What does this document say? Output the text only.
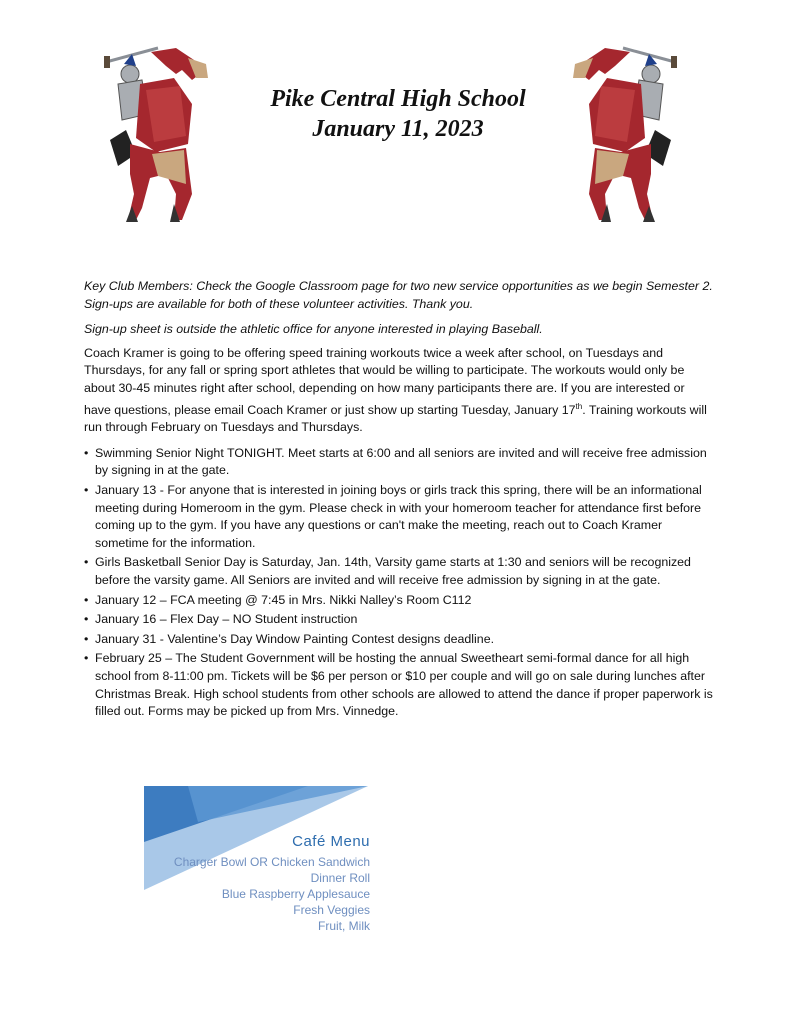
Pike Central High School
January 11, 2023

Key Club Members: Check the Google Classroom page for two new service opportunities as we begin Semester 2. Sign-ups are available for both of these volunteer activities. Thank you.

Sign-up sheet is outside the athletic office for anyone interested in playing Baseball.

Coach Kramer is going to be offering speed training workouts twice a week after school, on Tuesdays and Thursdays, for any fall or spring sport athletes that would be willing to participate. The workouts would only be about 30-45 minutes right after school, depending on how many participants there are. If you are interested or have questions, please email Coach Kramer or just show up starting Tuesday, January 17th. Training workouts will run through February on Tuesdays and Thursdays.

• Swimming Senior Night TONIGHT. Meet starts at 6:00 and all seniors are invited and will receive free admission by signing in at the gate.
• January 13 - For anyone that is interested in joining boys or girls track this spring, there will be an informational meeting during Homeroom in the gym. Please check in with your homeroom teacher for attendance first before coming up to the gym. If you have any questions or can't make the meeting, reach out to Coach Kramer sometime for the information.
• Girls Basketball Senior Day is Saturday, Jan. 14th, Varsity game starts at 1:30 and seniors will be recognized before the varsity game. All Seniors are invited and will receive free admission by signing in at the gate.
• January 12 – FCA meeting @ 7:45 in Mrs. Nikki Nalley’s Room C112
• January 16 – Flex Day – NO Student instruction
• January 31 - Valentine’s Day Window Painting Contest designs deadline.
• February 25 – The Student Government will be hosting the annual Sweetheart semi-formal dance for all high school from 8-11:00 pm. Tickets will be $6 per person or $10 per couple and will go on sale during lunches after Christmas Break. High school students from other schools are allowed to attend the dance if proper paperwork is filled out. Forms may be picked up from Mrs. Vinnedge.
Café Menu
Charger Bowl OR Chicken Sandwich
Dinner Roll
Blue Raspberry Applesauce
Fresh Veggies
Fruit, Milk
